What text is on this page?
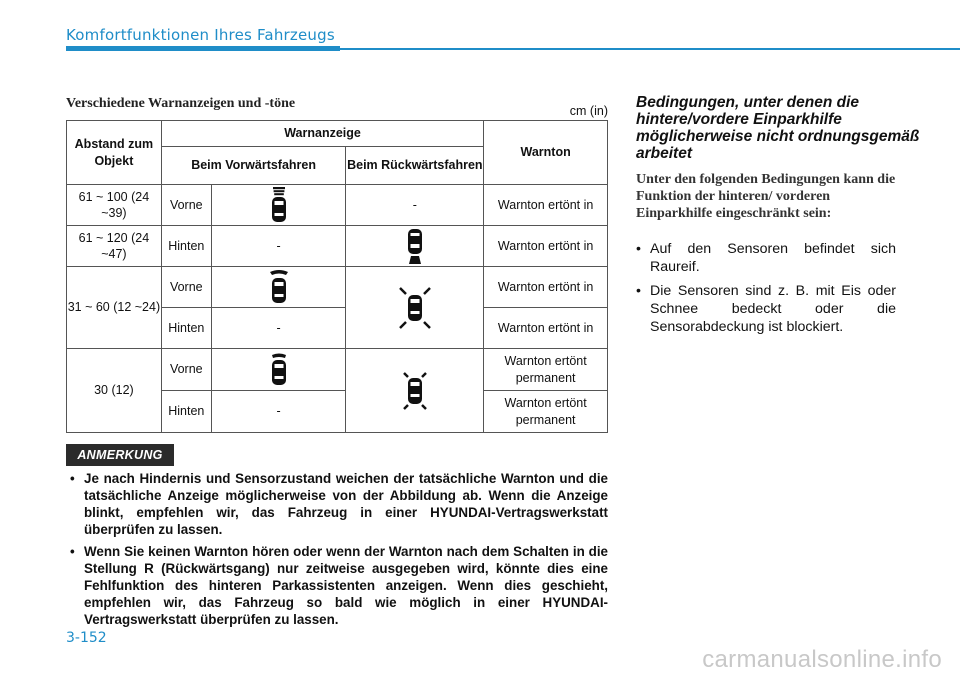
Komfortfunktionen Ihres Fahrzeugs
Verschiedene Warnanzeigen und -töne	cm (in)
Abstand zum Objekt	Warnanzeige			Warnton
	Beim Vorwärtsfahren		Beim Rückwärtsfahren	
61 ~ 100 (24 ~39)	Vorne		-	Warnton ertönt in
61 ~ 120 (24 ~47)	Hinten	-		Warnton ertönt in
31 ~ 60 (12 ~24)	Vorne			Warnton ertönt in
	Hinten	-		Warnton ertönt in
30 (12)	Vorne			Warnton ertönt permanent
	Hinten	-		Warnton ertönt permanent
ANMERKUNG
• Je nach Hindernis und Sensorzustand weichen der tatsächliche Warnton und die tatsächliche Anzeige möglicherweise von der Abbildung ab. Wenn die Anzeige blinkt, empfehlen wir, das Fahrzeug in einer HYUNDAI-Vertragswerkstatt überprüfen zu lassen.
• Wenn Sie keinen Warnton hören oder wenn der Warnton nach dem Schalten in die Stellung R (Rückwärtsgang) nur zeitweise ausgegeben wird, könnte dies eine Fehlfunktion des hinteren Parkassistenten anzeigen. Wenn dies geschieht, empfehlen wir, das Fahrzeug so bald wie möglich in einer HYUNDAI-Vertragswerkstatt überprüfen zu lassen.
3-152
Bedingungen, unter denen die hintere/vordere Einparkhilfe möglicherweise nicht ordnungsgemäß arbeitet
Unter den folgenden Bedingungen kann die Funktion der hinteren/ vorderen Einparkhilfe eingeschränkt sein:
• Auf den Sensoren befindet sich Raureif.
• Die Sensoren sind z. B. mit Eis oder Schnee bedeckt oder die Sensorabdeckung ist blockiert.
carmanualsonline.info
